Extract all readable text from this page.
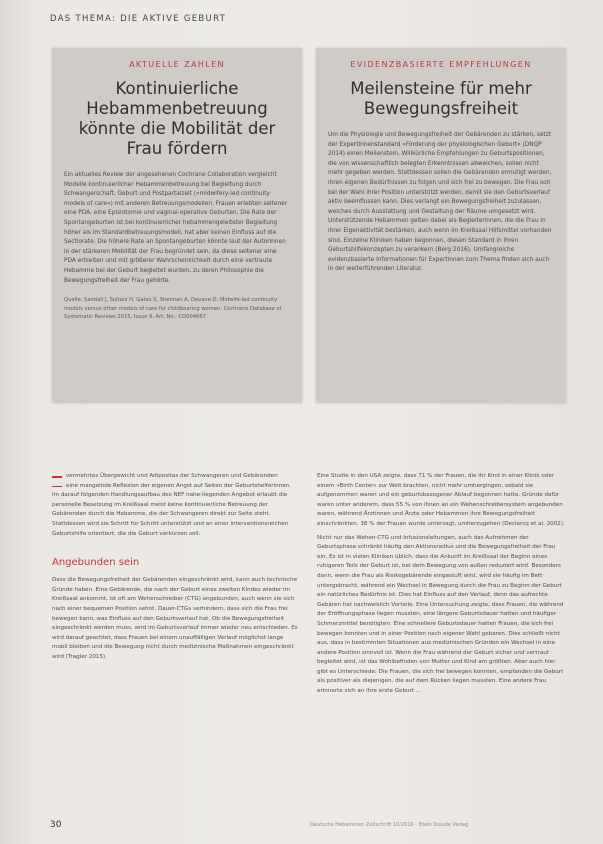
DAS THEMA: DIE AKTIVE GEBURT
AKTUELLE ZAHLEN
Kontinuierliche Hebammenbetreuung könnte die Mobilität der Frau fördern

Ein aktuelles Review der angesehenen Cochrane Collaboration vergleicht Modelle kontinuierlicher Hebammenbetreuung bei Begleitung durch Schwangerschaft, Geburt und Postpartalzeit (»midwifery-led continuity models of care«) mit anderen Betreuungsmodellen. Frauen erlebten seltener eine PDA, eine Episiotomie und vaginal-operative Geburten. Die Rate der Spontangeburten ist bei kontinuierlicher hebammengeleiteter Begleitung höher als im Standardbetreuungsmodell, hat aber keinen Einfluss auf die Sectiorate. Die höhere Rate an Spontangeburten könnte laut der Autorinnen in der stärkeren Mobilität der Frau begründet sein, da diese seltener eine PDA erhielten und mit größerer Wahrscheinlichkeit durch eine vertraute Hebamme bei der Geburt begleitet wurden, zu deren Philosophie die Bewegungsfreiheit der Frau gehörte.

Quelle: Sandall J, Soltani H, Gates S, Shennan A, Devane D: Midwife-led continuity models versus other models of care for childbearing women. Cochrane Database of Systematic Reviews 2015, Issue 9. Art. No.: CD004667

EVIDENZBASIERTE EMPFEHLUNGEN
Meilensteine für mehr Bewegungsfreiheit

Um die Physiologie und Bewegungsfreiheit der Gebärenden zu stärken, setzt der Expertinnenstandard »Förderung der physiologischen Geburt« (DNQP 2014) einen Meilenstein. Willkürliche Empfehlungen zu Geburtspositionen, die von wissenschaftlich belegten Erkenntnissen abweichen, sollen nicht mehr gegeben werden. Stattdessen sollen die Gebärenden ermutigt werden, ihren eigenen Bedürfnissen zu folgen und sich frei zu bewegen. Die Frau soll bei der Wahl ihrer Position unterstützt werden, damit sie den Geburtsverlauf aktiv beeinflussen kann. Dies verlangt ein Bewegungsfreiheit zuzulassen, welches durch Ausstattung und Gestaltung der Räume umgesetzt wird. Unterstützende Hebammen gelten dabei als Begleiterinnen, die die Frau in ihrer Eigenaktivität bestärken, auch wenn im Kreißsaal Hilfsmittel vorhanden sind. Einzelne Kliniken haben begonnen, diesen Standard in ihren Geburtshilfekonzepten zu verankern (Berg 2016). Umfangreiche evidenzbasierte Informationen für Expertinnen zum Thema finden sich auch in der weiterführenden Literatur.

vermehrtes Übergewicht und Adipositas der Schwangeren und Gebärenden
eine mangelnde Reflexion der eigenen Angst auf Seiten der Geburtshelferinnen.

Im darauf folgenden Handlungsaufbau des NEF nahe-liegenden Angebot erlaubt die personelle Besetzung im Kreißsaal meist keine kontinuierliche Betreuung der Gebärenden durch die Hebamme, die der Schwangeren direkt zur Seite steht. Stattdessen wird sie Schritt für Schritt unterstützt und an einer interventionsreichen Geburtshilfe orientiert, die die Geburt verkürzen soll.

Angebunden sein

Dass die Bewegungsfreiheit der Gebärenden eingeschränkt wird, kann auch technische Gründe haben. Eine Gebärende, die nach der Geburt eines zweiten Kindes wieder im Kreißsaal ankommt, ist oft am Wehenschreiber (CTG) angebunden, auch wenn sie sich nach einer bequemen Position sehnt. Dauer-CTGs verhindern, dass sich die Frau frei bewegen kann, was Einfluss auf den Geburtsverlauf hat. Ob die Bewegungsfreiheit eingeschränkt werden muss, wird im Geburtsverlauf immer wieder neu entschieden. Es wird darauf geachtet, dass Frauen bei einem unauffälligen Verlauf möglichst lange mobil bleiben und die Bewegung nicht durch medizinische Maßnahmen eingeschränkt wird (Tragler 2015).

Eine Studie in den USA zeigte, dass 71 % der Frauen, die ihr Kind in einer Klinik oder einem »Birth Center« zur Welt brachten, nicht mehr umhergingen, sobald sie aufgenommen waren und ein geburtsbezogener Ablauf begonnen hatte. Gründe dafür waren unter anderem, dass 55 % von ihnen an ein Wehenschreibersystem angebunden waren, während Ärztinnen und Ärzte oder Hebammen ihre Bewegungsfreiheit einschränkten. 38 % der Frauen wurde untersagt, umherzugehen (Declercq et al. 2002).

Nicht nur das Wehen-CTG und Infusionsleitungen, auch das Aufnehmen der Geburtsphase schränkt häufig den Aktionsradius und die Bewegungsfreiheit der Frau ein. Es ist in vielen Kliniken üblich, dass die Ankunft im Kreißsaal der Beginn eines ruhigeren Teils der Geburt ist, bei dem Bewegung von außen reduziert wird. Besonders dann, wenn die Frau als Risikogebärende eingestuft wird, wird sie häufig im Bett untergebracht, während ein Wechsel in Bewegung durch die Frau zu Beginn der Geburt ein natürliches Bedürfnis ist. Dies hat Einfluss auf den Verlauf, denn das aufrechte Gebären hat nachweislich Vorteile. Eine Untersuchung zeigte, dass Frauen, die während der Eröffnungsphase liegen mussten, eine längere Geburtsdauer hatten und häufiger Schmerzmittel benötigten. Eine schnellere Geburtsdauer hatten Frauen, die sich frei bewegen konnten und in einer Position nach eigener Wahl gebaren. Dies schließt nicht aus, dass in bestimmten Situationen aus medizinischen Gründen ein Wechsel in eine andere Position sinnvoll ist. Wenn die Frau während der Geburt sicher und vertraut begleitet wird, ist das Wohlbefinden von Mutter und Kind am größten. Aber auch hier gibt es Unterschiede: Die Frauen, die sich frei bewegen konnten, empfanden die Geburt als positiver als diejenigen, die auf dem Rücken liegen mussten. Eine andere Frau erinnerte sich an ihre erste Geburt ...

30	Deutsche Hebammen Zeitschrift 10/2016 · Elwin Staude Verlag
